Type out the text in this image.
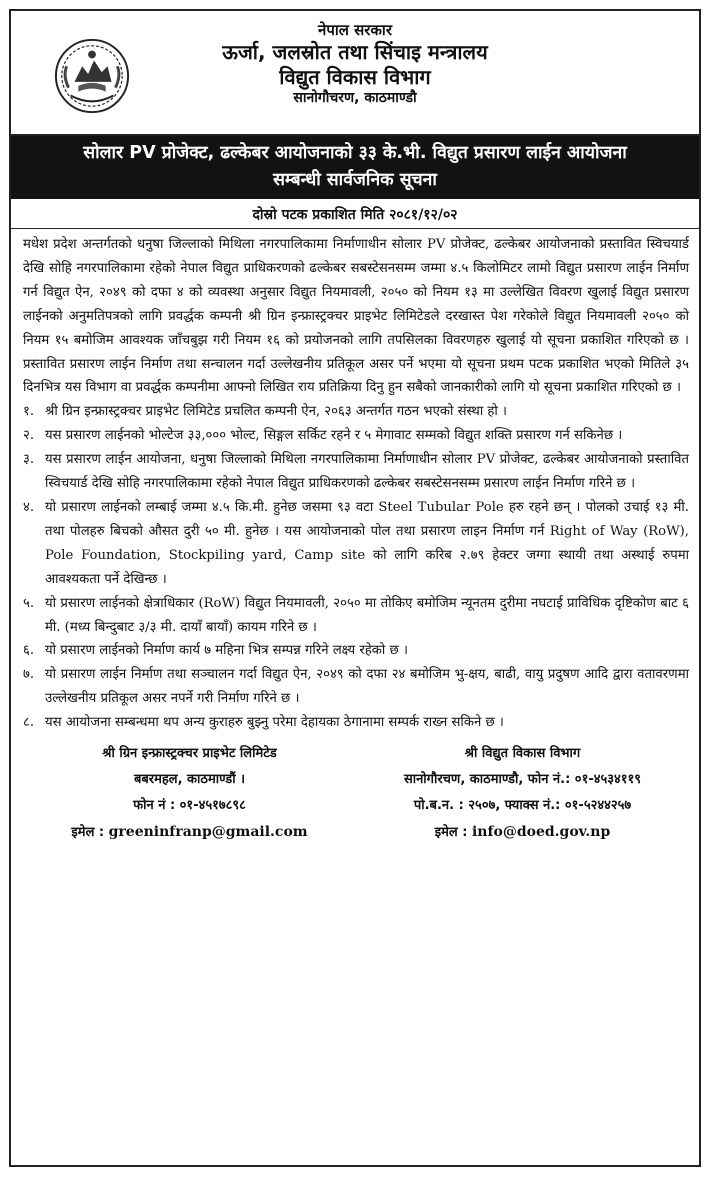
नेपाल सरकार
ऊर्जा, जलस्रोत तथा सिंचाइ मन्त्रालय
विद्युत विकास विभाग
सानोगौचरण, काठमाण्डौ
सोलार PV प्रोजेक्ट, ढल्केबर आयोजनाको ३३ के.भी. विद्युत प्रसारण लाईन आयोजना
सम्बन्धी सार्वजनिक सूचना
दोस्रो पटक प्रकाशित मिति २०८१/१२/०२

मधेश प्रदेश अन्तर्गतको धनुषा जिल्लाको मिथिला नगरपालिकामा निर्माणाधीन सोलार PV प्रोजेक्ट, ढल्केबर आयोजनाको प्रस्तावित स्विचयार्ड देखि सोहि नगरपालिकामा रहेको नेपाल विद्युत प्राधिकरणको ढल्केबर सबस्टेसनसम्म जम्मा ४.५ किलोमिटर लामो विद्युत प्रसारण लाईन निर्माण गर्न विद्युत ऐन, २०४९ को दफा ४ को व्यवस्था अनुसार विद्युत नियमावली, २०५० को नियम १३ मा उल्लेखित विवरण खुलाई विद्युत प्रसारण लाईनको अनुमतिपत्रको लागि प्रवर्द्धक कम्पनी श्री ग्रिन इन्फ्रास्ट्रक्चर प्राइभेट लिमिटेडले दरखास्त पेश गरेकोले विद्युत नियमावली २०५० को नियम १५ बमोजिम आवश्यक जाँचबुझ गरी नियम १६ को प्रयोजनको लागि तपसिलका विवरणहरु खुलाई यो सूचना प्रकाशित गरिएको छ । प्रस्तावित प्रसारण लाईन निर्माण तथा सन्चालन गर्दा उल्लेखनीय प्रतिकूल असर पर्ने भएमा यो सूचना प्रथम पटक प्रकाशित भएको मितिले ३५ दिनभित्र यस विभाग वा प्रवर्द्धक कम्पनीमा आफ्नो लिखित राय प्रतिक्रिया दिनु हुन सबैको जानकारीको लागि यो सूचना प्रकाशित गरिएको छ ।

१. श्री ग्रिन इन्फ्रास्ट्रक्चर प्राइभेट लिमिटेड प्रचलित कम्पनी ऐन, २०६३ अन्तर्गत गठन भएको संस्था हो ।
२. यस प्रसारण लाईनको भोल्टेज ३३,००० भोल्ट, सिङ्गल सर्किट रहने र ५ मेगावाट सम्मको विद्युत शक्ति प्रसारण गर्न सकिनेछ ।
३. यस प्रसारण लाईन आयोजना, धनुषा जिल्लाको मिथिला नगरपालिकामा निर्माणाधीन सोलार PV प्रोजेक्ट, ढल्केबर आयोजनाको प्रस्तावित स्विचयार्ड देखि सोहि नगरपालिकामा रहेको नेपाल विद्युत प्राधिकरणको ढल्केबर सबस्टेसनसम्म प्रसारण लाईन निर्माण गरिने छ ।
४. यो प्रसारण लाईनको लम्बाई जम्मा ४.५ कि.मी. हुनेछ जसमा ९३ वटा Steel Tubular Pole हरु रहने छन् । पोलको उचाई १३ मी. तथा पोलहरु बिचको औसत दुरी ५० मी. हुनेछ । यस आयोजनाको पोल तथा प्रसारण लाइन निर्माण गर्न Right of Way (RoW), Pole Foundation, Stockpiling yard, Camp site को लागि करिब २.७९ हेक्टर जग्गा स्थायी तथा अस्थाई रुपमा आवश्यकता पर्ने देखिन्छ ।
५. यो प्रसारण लाईनको क्षेत्राधिकार (RoW) विद्युत नियमावली, २०५० मा तोकिए बमोजिम न्यूनतम दुरीमा नघटाई प्राविधिक दृष्टिकोण बाट ६ मी. (मध्य बिन्दुबाट ३/३ मी. दायाँ बायाँ) कायम गरिने छ ।
६. यो प्रसारण लाईनको निर्माण कार्य ७ महिना भित्र सम्पन्न गरिने लक्ष्य रहेको छ ।
७. यो प्रसारण लाईन निर्माण तथा सञ्चालन गर्दा विद्युत ऐन, २०४९ को दफा २४ बमोजिम भु-क्षय, बाढी, वायु प्रदुषण आदि द्वारा वतावरणमा उल्लेखनीय प्रतिकूल असर नपर्ने गरी निर्माण गरिने छ ।
८. यस आयोजना सम्बन्धमा थप अन्य कुराहरु बुझ्नु परेमा देहायका ठेगानामा सम्पर्क राख्न सकिने छ ।
श्री ग्रिन इन्फ्रास्ट्रक्चर प्राइभेट लिमिटेड
बबरमहल, काठमाण्डौं ।
फोन नं : ०१-४५१७८९८
इमेल : greeninfranp@gmail.com
श्री विद्युत विकास विभाग
सानोगौरचण, काठमाण्डौ, फोन नं.: ०१-४५३४११९
पो.ब.न. : २५०७, फ्याक्स नं.: ०१-५२४४२५७
इमेल : info@doed.gov.np
